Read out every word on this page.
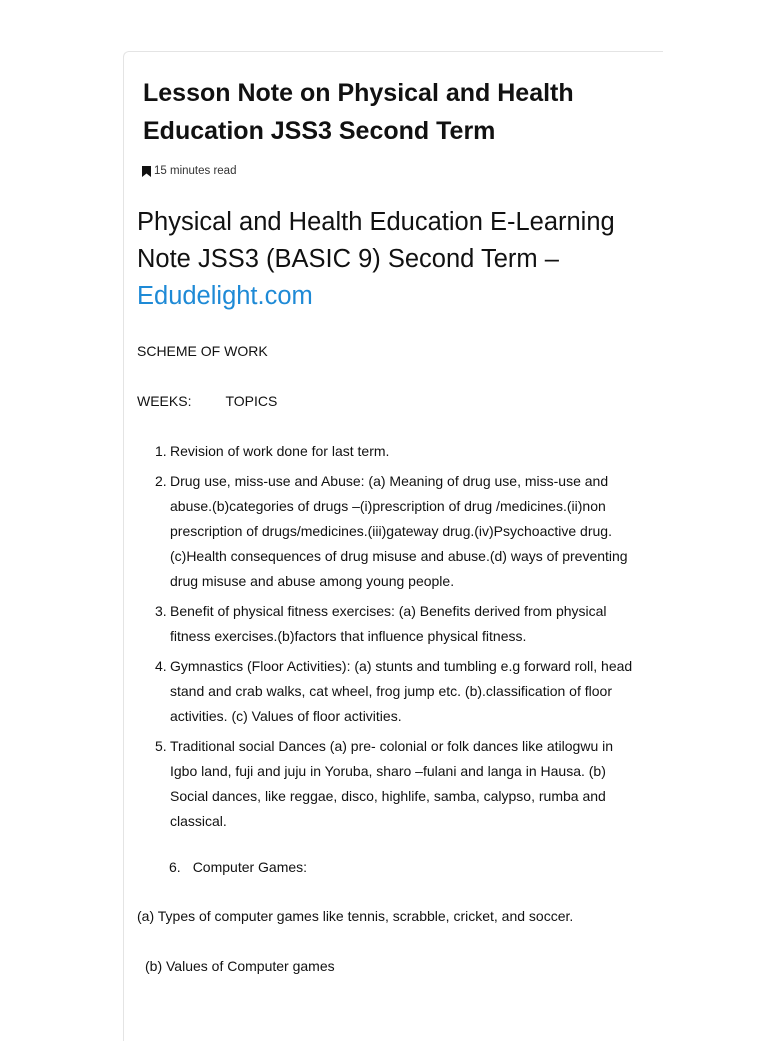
Lesson Note on Physical and Health Education JSS3 Second Term
15 minutes read
Physical and Health Education E-Learning Note JSS3 (BASIC 9) Second Term –
Edudelight.com

SCHEME OF WORK

WEEKS: TOPICS

1. Revision of work done for last term.
2. Drug use, miss-use and Abuse: (a) Meaning of drug use, miss-use and abuse.(b)categories of drugs –(i)prescription of drug /medicines.(ii)non prescription of drugs/medicines.(iii)gateway drug.(iv)Psychoactive drug.(c)Health consequences of drug misuse and abuse.(d) ways of preventing drug misuse and abuse among young people.
3. Benefit of physical fitness exercises: (a) Benefits derived from physical fitness exercises.(b)factors that influence physical fitness.
4. Gymnastics (Floor Activities): (a) stunts and tumbling e.g forward roll, head stand and crab walks, cat wheel, frog jump etc. (b).classification of floor activities. (c) Values of floor activities.
5. Traditional social Dances (a) pre- colonial or folk dances like atilogwu in Igbo land, fuji and juju in Yoruba, sharo –fulani and langa in Hausa. (b) Social dances, like reggae, disco, highlife, samba, calypso, rumba and classical.

6. Computer Games:

(a) Types of computer games like tennis, scrabble, cricket, and soccer.

(b) Values of Computer games
